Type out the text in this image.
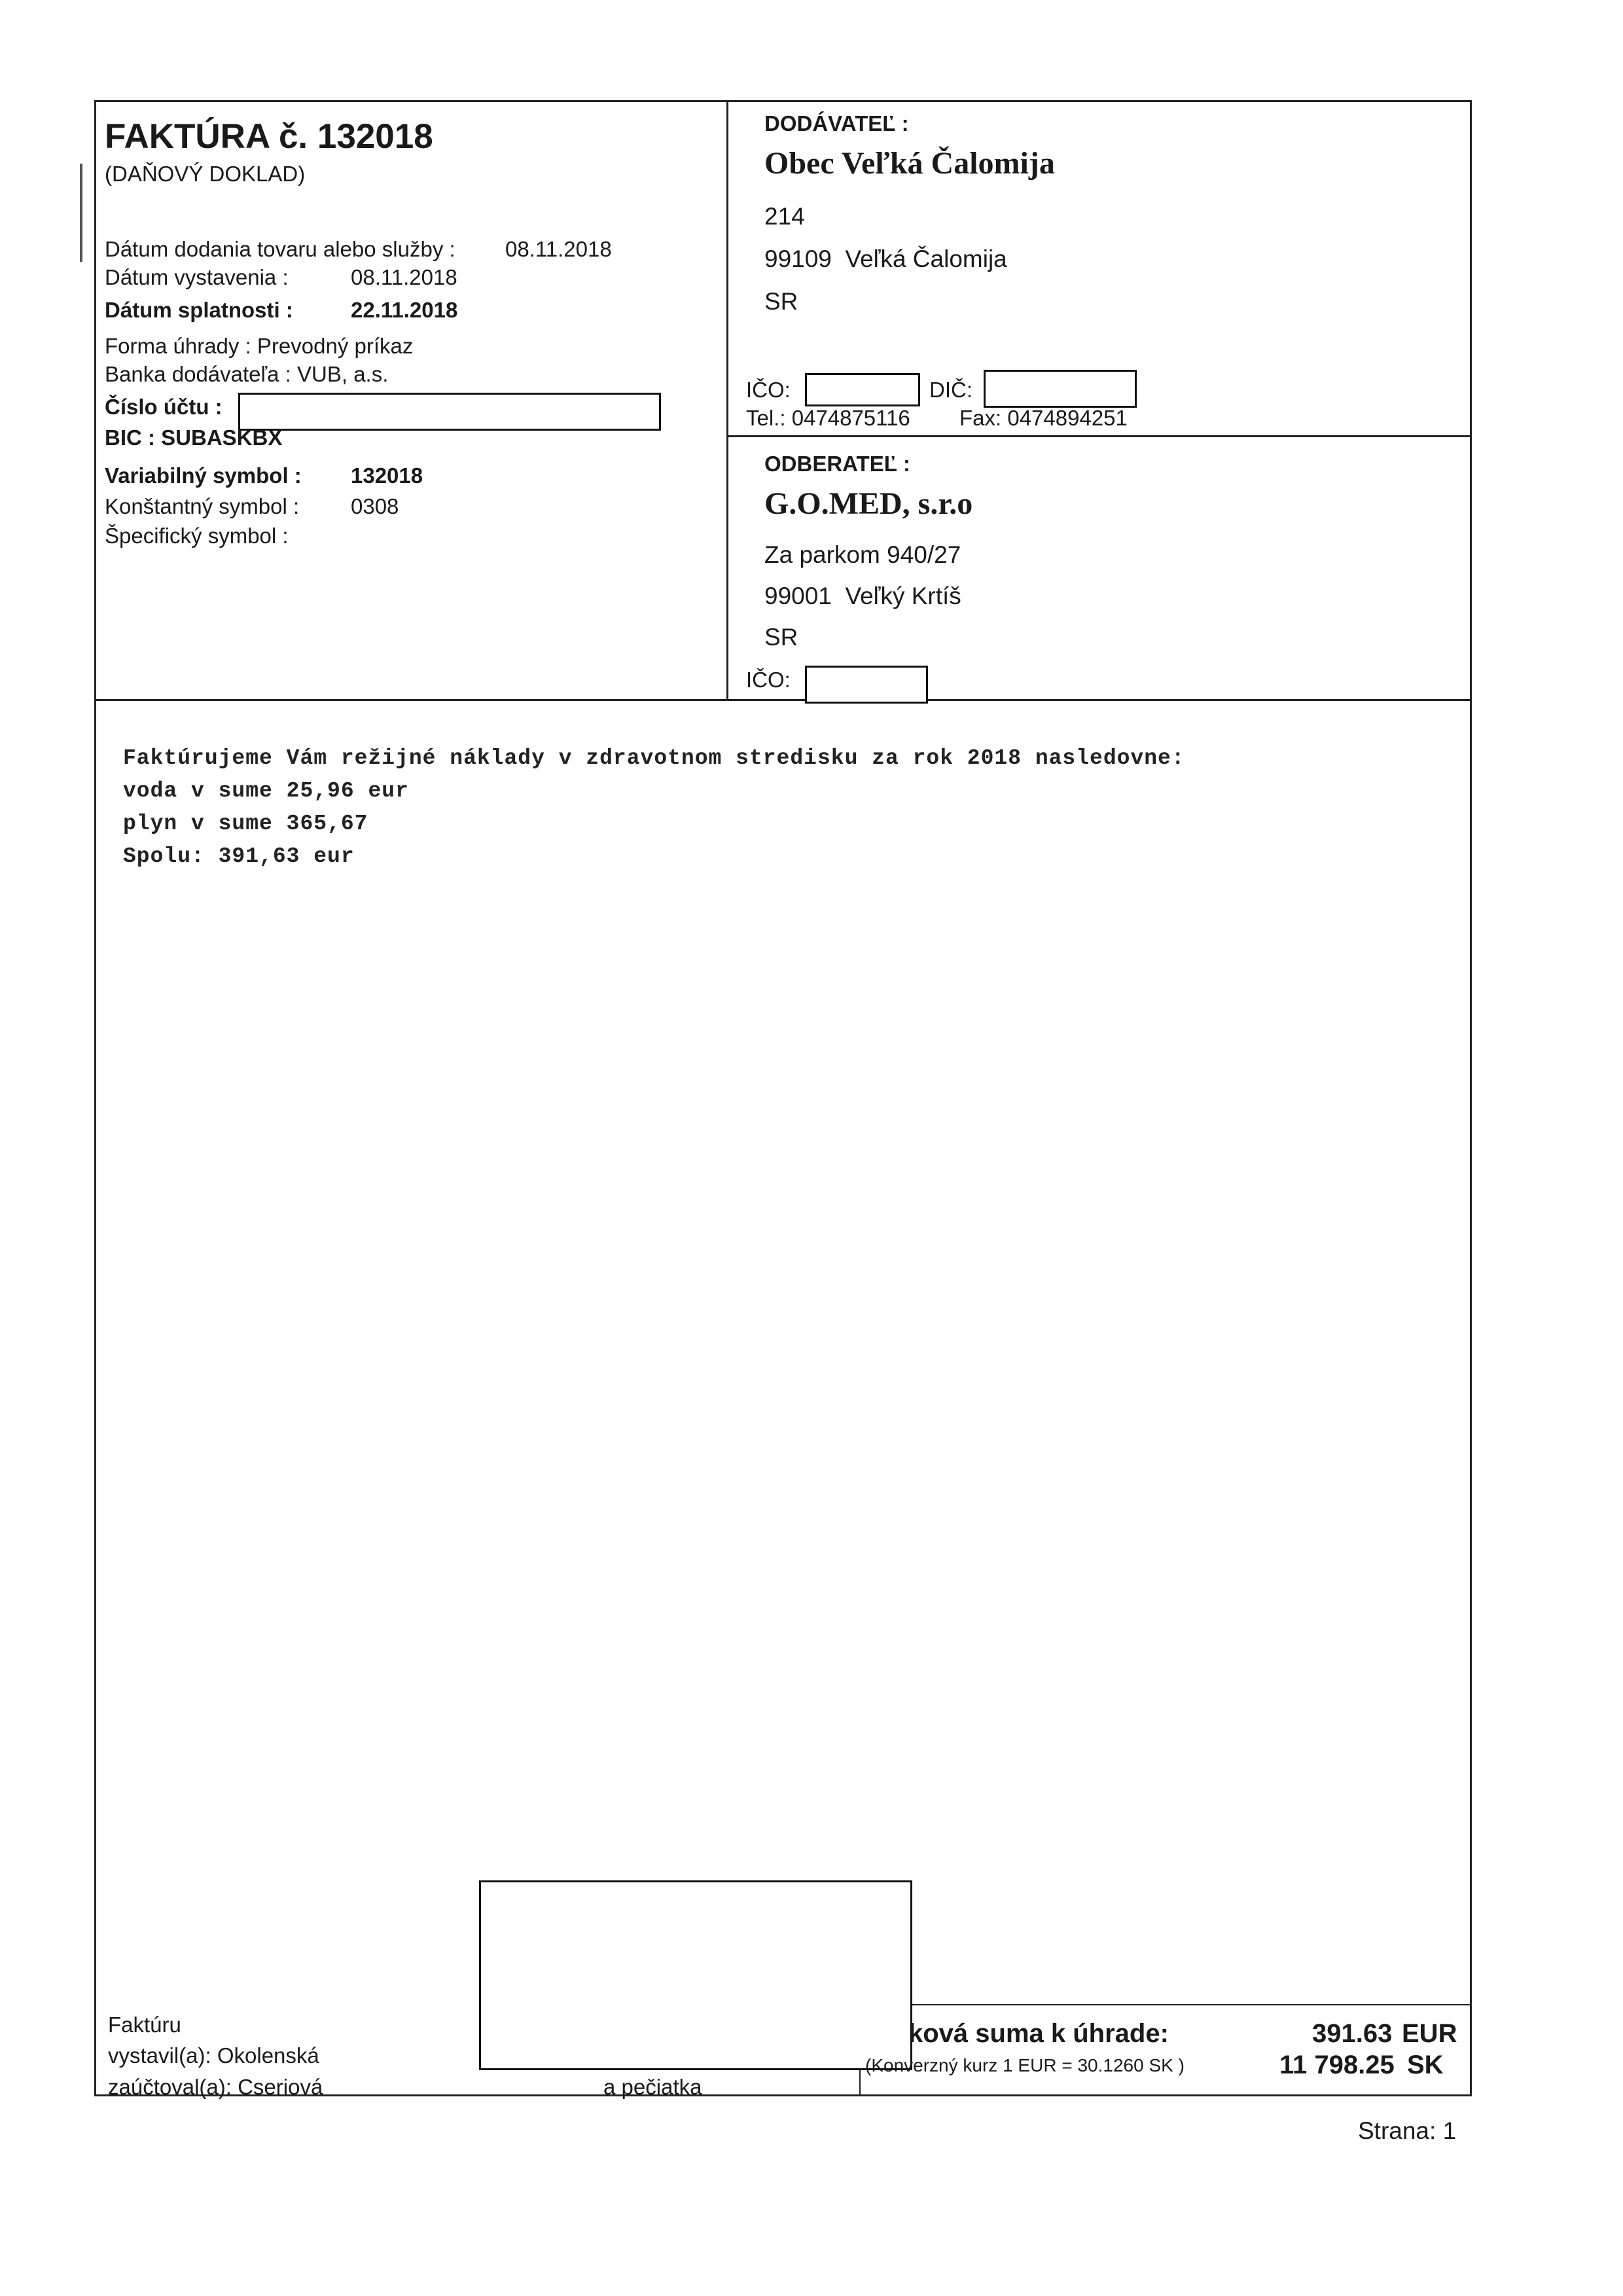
FAKTÚRA č. 132018
(DAŇOVÝ DOKLAD)
Dátum dodania tovaru alebo služby : 08.11.2018
Dátum vystavenia :	08.11.2018
Dátum splatnosti :	22.11.2018
Forma úhrady : Prevodný príkaz
Banka dodávateľa : VUB, a.s.
Číslo účtu :
BIC : SUBASKBX
Variabilný symbol : 132018
Konštantný symbol : 0308
Špecifický symbol :
DODÁVATEĽ :
Obec Veľká Čalomija
214
99109  Veľká Čalomija
SR
IČO:	DIČ:
Tel.: 0474875116 Fax: 0474894251
ODBERATEĽ :
G.O.MED, s.r.o
Za parkom 940/27
99001  Veľký Krtíš
SR
IČO:
Faktúrujeme Vám režijné náklady v zdravotnom stredisku za rok 2018 nasledovne:
voda v sume 25,96 eur
plyn v sume 365,67
Spolu: 391,63 eur
Faktúru
vystavil(a): Okolenská
zaúčtoval(a): Cseriová	a pečiatka
ková suma k úhrade:	391.63 EUR
(Konverzný kurz 1 EUR = 30.1260 SK )	11 798.25 SK
Strana: 1
